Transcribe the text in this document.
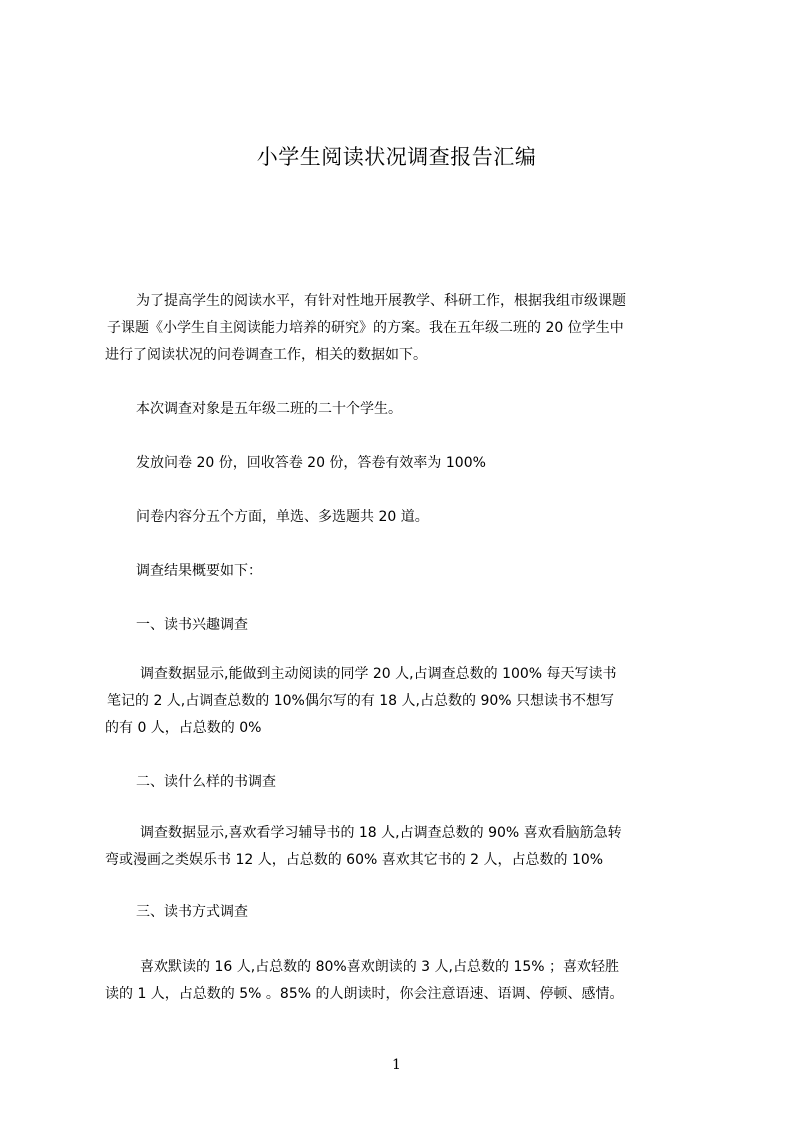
小学生阅读状况调查报告汇编
为了提高学生的阅读水平，有针对性地开展教学、科研工作，根据我组市级课题
子课题《小学生自主阅读能力培养的研究》的方案。我在五年级二班的 20 位学生中
进行了阅读状况的问卷调查工作，相关的数据如下。
本次调查对象是五年级二班的二十个学生。
发放问卷 20 份，回收答卷 20 份，答卷有效率为 100%
问卷内容分五个方面，单选、多选题共 20 道。
调查结果概要如下：
一、读书兴趣调查
调查数据显示,能做到主动阅读的同学 20 人,占调查总数的 100% 每天写读书
笔记的 2 人,占调查总数的 10%偶尔写的有 18 人,占总数的 90% 只想读书不想写
的有 0 人，占总数的 0%
二、读什么样的书调查
调查数据显示,喜欢看学习辅导书的 18 人,占调查总数的 90% 喜欢看脑筋急转
弯或漫画之类娱乐书 12 人，占总数的 60% 喜欢其它书的 2 人，占总数的 10%
三、读书方式调查
喜欢默读的 16 人,占总数的 80%喜欢朗读的 3 人,占总数的 15% ；喜欢轻胜
读的 1 人，占总数的 5% 。85% 的人朗读时，你会注意语速、语调、停顿、感情。
1
